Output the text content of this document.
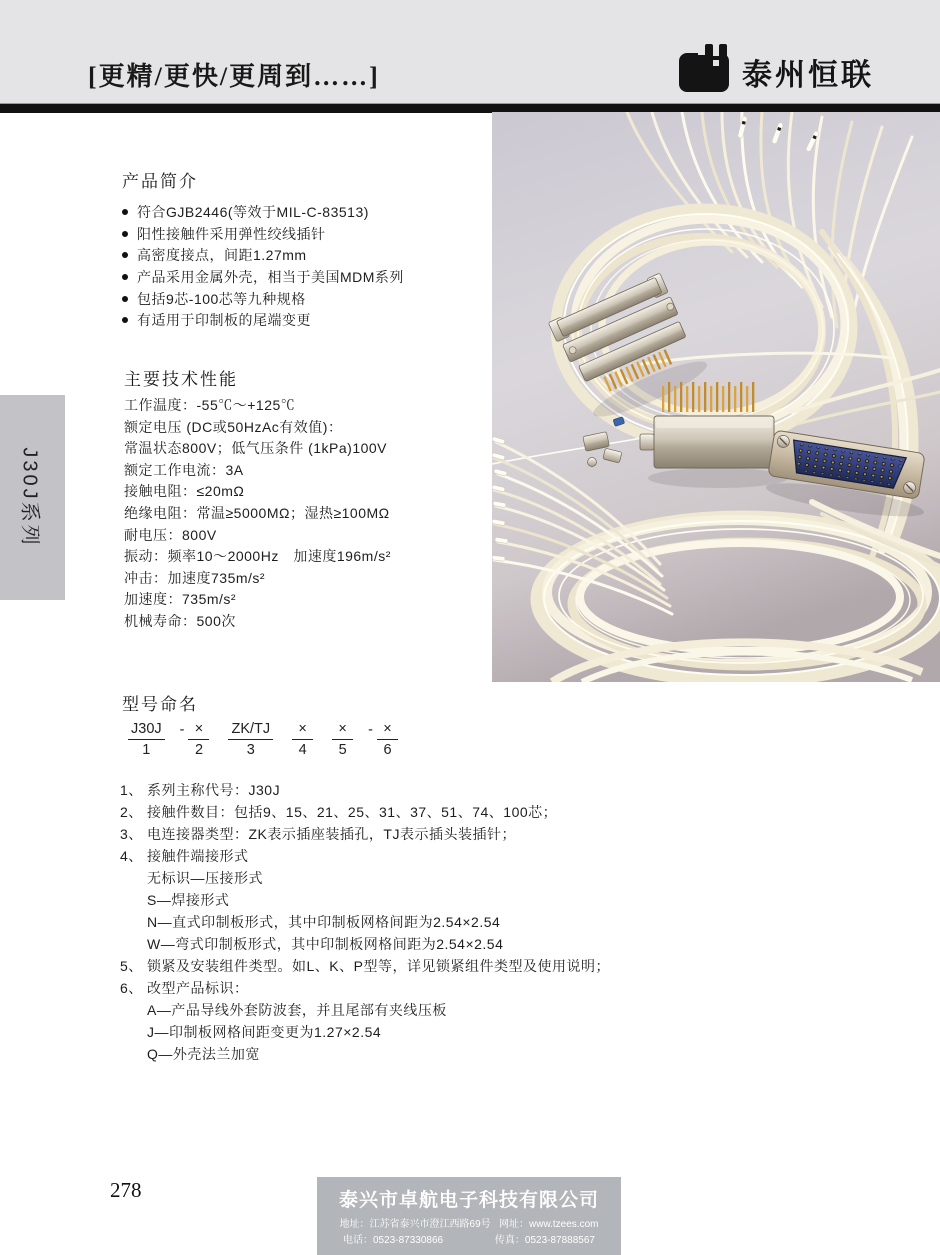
[更精/更快/更周到……]	泰州恒联
J30J系列
产品简介
符合GJB2446(等效于MIL-C-83513)
阳性接触件采用弹性绞线插针
高密度接点，间距1.27mm
产品采用金属外壳，相当于美国MDM系列
包括9芯-100芯等九种规格
有适用于印制板的尾端变更
主要技术性能
工作温度：-55℃～+125℃
额定电压 (DC或50HzAc有效值)：
常温状态800V；低气压条件 (1kPa)100V
额定工作电流：3A
接触电阻：≤20mΩ
绝缘电阻：常温≥5000MΩ；湿热≥100MΩ
耐电压：800V
振动：频率10～2000Hz　加速度196m/s²
冲击：加速度735m/s²
加速度：735m/s²
机械寿命：500次
型号命名
J30J
1
- ×
2
ZK/TJ
3
×
4
×
5
- ×
6
1、 系列主称代号：J30J
2、 接触件数目：包括9、15、21、25、31、37、51、74、100芯；
3、 电连接器类型：ZK表示插座装插孔，TJ表示插头装插针；
4、 接触件端接形式
无标识—压接形式
S—焊接形式
N—直式印制板形式，其中印制板网格间距为2.54×2.54
W—弯式印制板形式，其中印制板网格间距为2.54×2.54
5、 锁紧及安装组件类型。如L、K、P型等，详见锁紧组件类型及使用说明；
6、 改型产品标识：
A—产品导线外套防波套，并且尾部有夹线压板
J—印制板网格间距变更为1.27×2.54
Q—外壳法兰加宽
278	泰兴市卓航电子科技有限公司
地址：江苏省泰兴市澄江西路69号 网址：www.tzees.com
电话：0523-87330866	传真：0523-87888567
